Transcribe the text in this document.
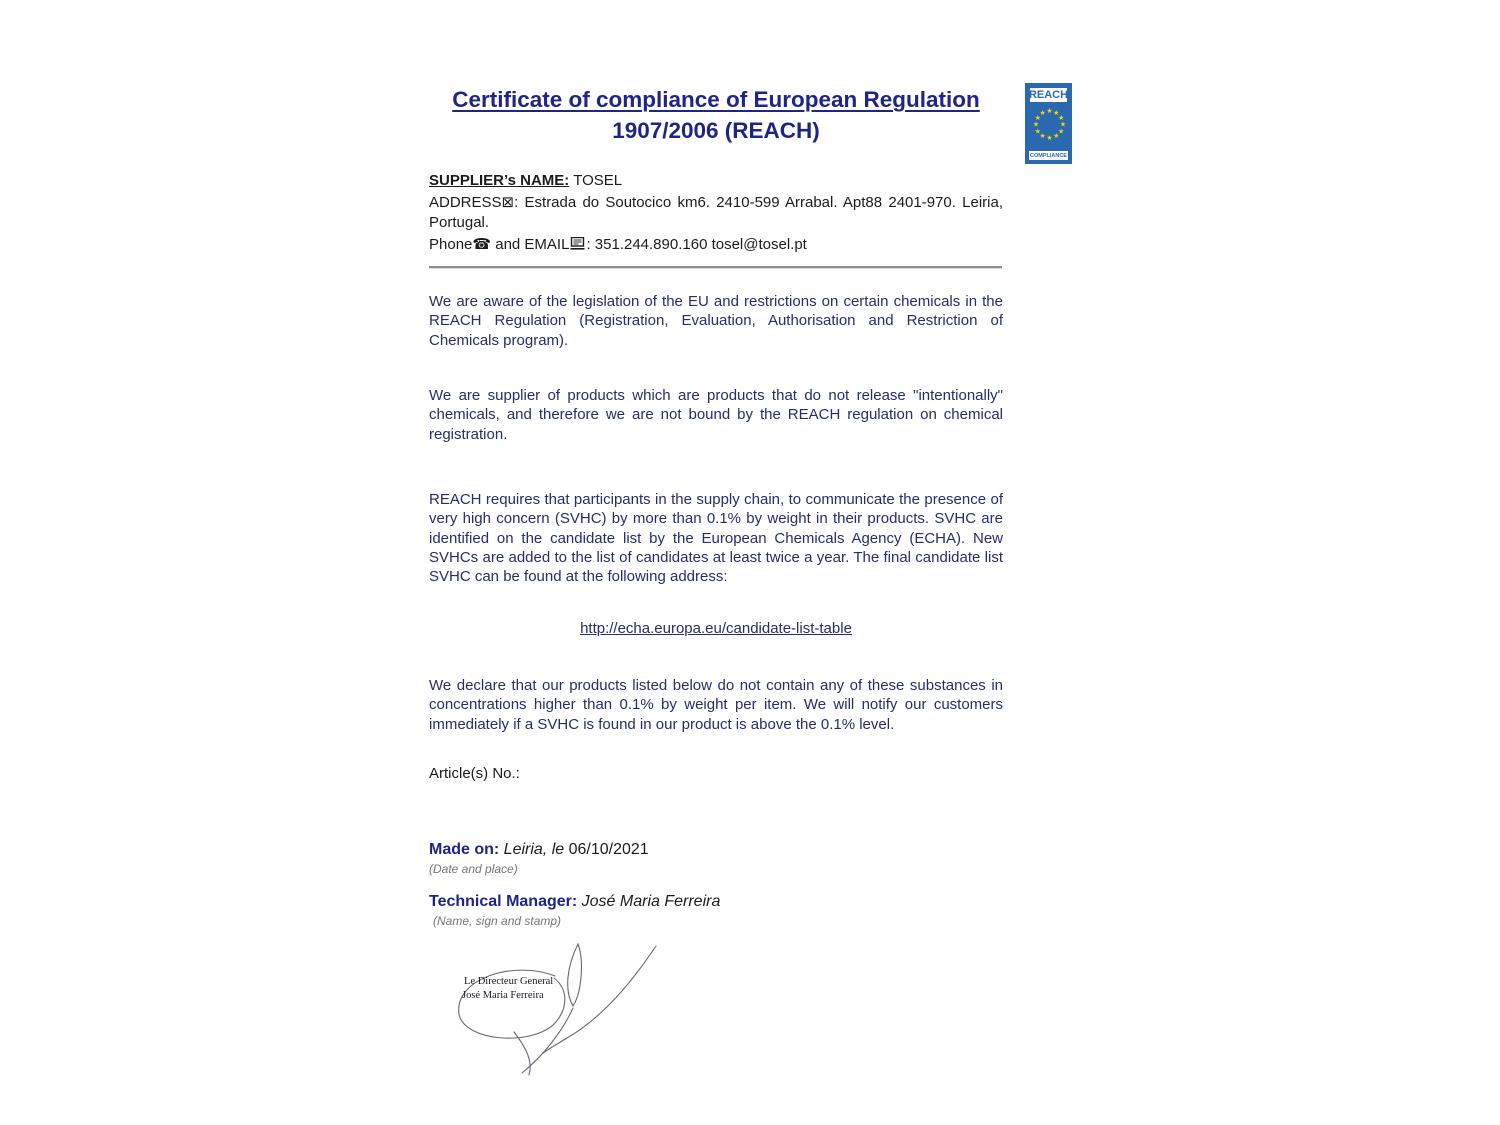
Certificate of compliance of European Regulation
1907/2006 (REACH)
REACH
★ ★
★
★
★
★
★
★
★
★
★
★
COMPLIANCE
SUPPLIER’s NAME: TOSEL
ADDRESS⊠: Estrada do Soutocico km6. 2410-599 Arrabal. Apt88 2401-970. Leiria, Portugal.
Phone☎ and EMAIL : 351.244.890.160 tosel@tosel.pt
We are aware of the legislation of the EU and restrictions on certain chemicals in the REACH Regulation (Registration, Evaluation, Authorisation and Restriction of Chemicals program).
We are supplier of products which are products that do not release "intentionally" chemicals, and therefore we are not bound by the REACH regulation on chemical registration.
REACH requires that participants in the supply chain, to communicate the presence of very high concern (SVHC) by more than 0.1% by weight in their products. SVHC are identified on the candidate list by the European Chemicals Agency (ECHA). New SVHCs are added to the list of candidates at least twice a year. The final candidate list SVHC can be found at the following address:
http://echa.europa.eu/candidate-list-table
We declare that our products listed below do not contain any of these substances in concentrations higher than 0.1% by weight per item. We will notify our customers immediately if a SVHC is found in our product is above the 0.1% level.
Article(s) No.:
Made on: Leiria, le 06/10/2021
(Date and place)
Technical Manager: José Maria Ferreira
(Name, sign and stamp)
Le Directeur General
José Maria Ferreira
